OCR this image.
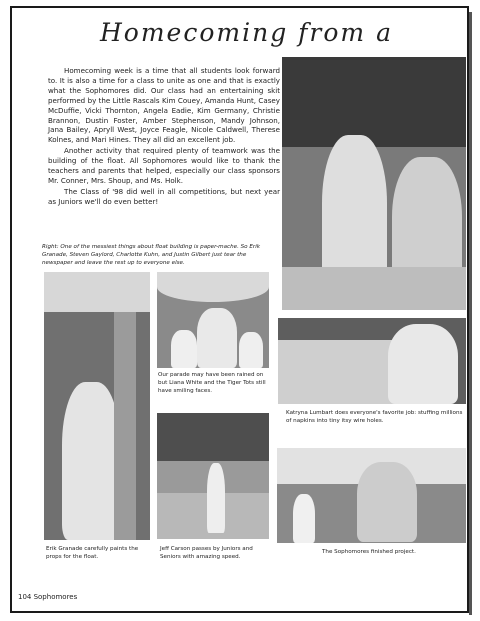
Homecoming from a

Homecoming week is a time that all students look forward to. It is also a time for a class to unite as one and that is exactly what the Sophomores did. Our class had an entertaining skit performed by the Little Rascals Kim Couey, Amanda Hunt, Casey McDuffie, Vicki Thornton, Angela Eadie, Kim Germany, Christie Brannon, Dustin Foster, Amber Stephenson, Mandy Johnson, Jana Bailey, Apryll West, Joyce Feagle, Nicole Caldwell, Therese Kolnes, and Mari Hines. They all did an excellent job.

Another activity that required plenty of teamwork was the building of the float. All Sophomores would like to thank the teachers and parents that helped, especially our class sponsors Mr. Conner, Mrs. Shoup, and Ms. Holk.

The Class of '98 did well in all competitions, but next year as Juniors we'll do even better!

Right: One of the messiest things about float building is paper-mache. So Erik Granade, Steven Gaylord, Charlotte Kuhn, and Justin Gilbert just tear the newspaper and leave the rest up to everyone else.
Our parade may have been rained on but Liana White and the Tiger Tots still have smiling faces.
Katryna Lumbart does everyone's favorite job: stuffing millions of napkins into tiny itsy wire holes.
Erik Granade carefully paints the props for the float.
Jeff Carson passes by Juniors and Seniors with amazing speed.
The Sophomores finished project.
104 Sophomores
